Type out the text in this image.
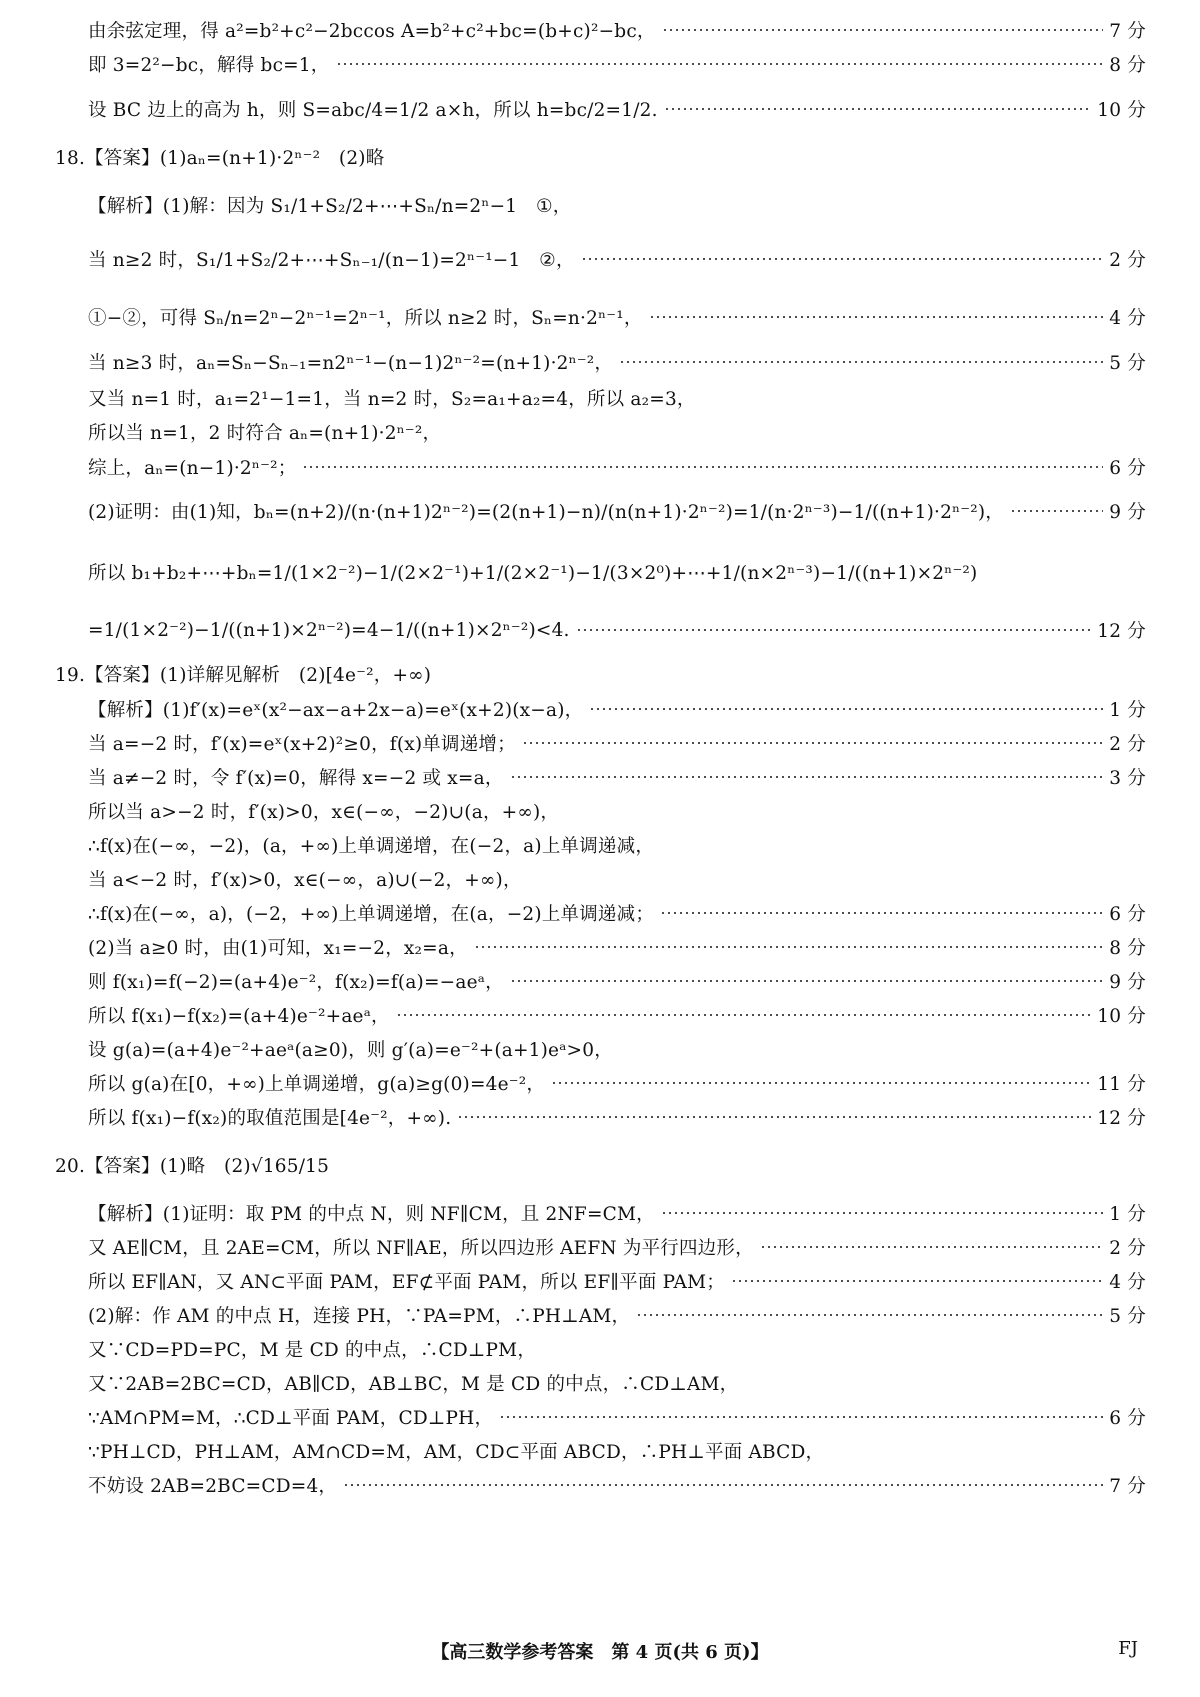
由余弦定理，得 a²=b²+c²−2bccos A=b²+c²+bc=(b+c)²−bc，	7 分
即 3=2²−bc，解得 bc=1，	8 分
设 BC 边上的高为 h，则 S=abc/4=1/2 a×h，所以 h=bc/2=1/2.	10 分
18.【答案】(1)aₙ=(n+1)·2ⁿ⁻²　(2)略
【解析】(1)解：因为 S₁/1+S₂/2+⋯+Sₙ/n=2ⁿ−1　①，
当 n≥2 时，S₁/1+S₂/2+⋯+Sₙ₋₁/(n−1)=2ⁿ⁻¹−1　②，	2 分
①−②，可得 Sₙ/n=2ⁿ−2ⁿ⁻¹=2ⁿ⁻¹，所以 n≥2 时，Sₙ=n·2ⁿ⁻¹，	4 分
当 n≥3 时，aₙ=Sₙ−Sₙ₋₁=n2ⁿ⁻¹−(n−1)2ⁿ⁻²=(n+1)·2ⁿ⁻²，	5 分
又当 n=1 时，a₁=2¹−1=1，当 n=2 时，S₂=a₁+a₂=4，所以 a₂=3，
所以当 n=1，2 时符合 aₙ=(n+1)·2ⁿ⁻²，
综上，aₙ=(n−1)·2ⁿ⁻²；	6 分
(2)证明：由(1)知，bₙ=(n+2)/(n·(n+1)2ⁿ⁻²)=(2(n+1)−n)/(n(n+1)·2ⁿ⁻²)=1/(n·2ⁿ⁻³)−1/((n+1)·2ⁿ⁻²)，	9 分
所以 b₁+b₂+⋯+bₙ=1/(1×2⁻²)−1/(2×2⁻¹)+1/(2×2⁻¹)−1/(3×2⁰)+⋯+1/(n×2ⁿ⁻³)−1/((n+1)×2ⁿ⁻²)
=1/(1×2⁻²)−1/((n+1)×2ⁿ⁻²)=4−1/((n+1)×2ⁿ⁻²)<4.	12 分
19.【答案】(1)详解见解析　(2)[4e⁻²，+∞)
【解析】(1)f′(x)=eˣ(x²−ax−a+2x−a)=eˣ(x+2)(x−a)，	1 分
当 a=−2 时，f′(x)=eˣ(x+2)²≥0，f(x)单调递增；	2 分
当 a≠−2 时，令 f′(x)=0，解得 x=−2 或 x=a，	3 分
所以当 a>−2 时，f′(x)>0，x∈(−∞，−2)∪(a，+∞)，
∴f(x)在(−∞，−2)，(a，+∞)上单调递增，在(−2，a)上单调递减，
当 a<−2 时，f′(x)>0，x∈(−∞，a)∪(−2，+∞)，
∴f(x)在(−∞，a)，(−2，+∞)上单调递增，在(a，−2)上单调递减；	6 分
(2)当 a≥0 时，由(1)可知，x₁=−2，x₂=a，	8 分
则 f(x₁)=f(−2)=(a+4)e⁻²，f(x₂)=f(a)=−aeᵃ，	9 分
所以 f(x₁)−f(x₂)=(a+4)e⁻²+aeᵃ，	10 分
设 g(a)=(a+4)e⁻²+aeᵃ(a≥0)，则 g′(a)=e⁻²+(a+1)eᵃ>0，
所以 g(a)在[0，+∞)上单调递增，g(a)≥g(0)=4e⁻²，	11 分
所以 f(x₁)−f(x₂)的取值范围是[4e⁻²，+∞).	12 分
20.【答案】(1)略　(2)√165/15
【解析】(1)证明：取 PM 的中点 N，则 NF∥CM，且 2NF=CM，	1 分
又 AE∥CM，且 2AE=CM，所以 NF∥AE，所以四边形 AEFN 为平行四边形，	2 分
所以 EF∥AN，又 AN⊂平面 PAM，EF⊄平面 PAM，所以 EF∥平面 PAM；	4 分
(2)解：作 AM 的中点 H，连接 PH，∵PA=PM，∴PH⊥AM，	5 分
又∵CD=PD=PC，M 是 CD 的中点，∴CD⊥PM，
又∵2AB=2BC=CD，AB∥CD，AB⊥BC，M 是 CD 的中点，∴CD⊥AM，
∵AM∩PM=M，∴CD⊥平面 PAM，CD⊥PH，	6 分
∵PH⊥CD，PH⊥AM，AM∩CD=M，AM，CD⊂平面 ABCD，∴PH⊥平面 ABCD，
不妨设 2AB=2BC=CD=4，	7 分
【高三数学参考答案　第 4 页(共 6 页)】	FJ
